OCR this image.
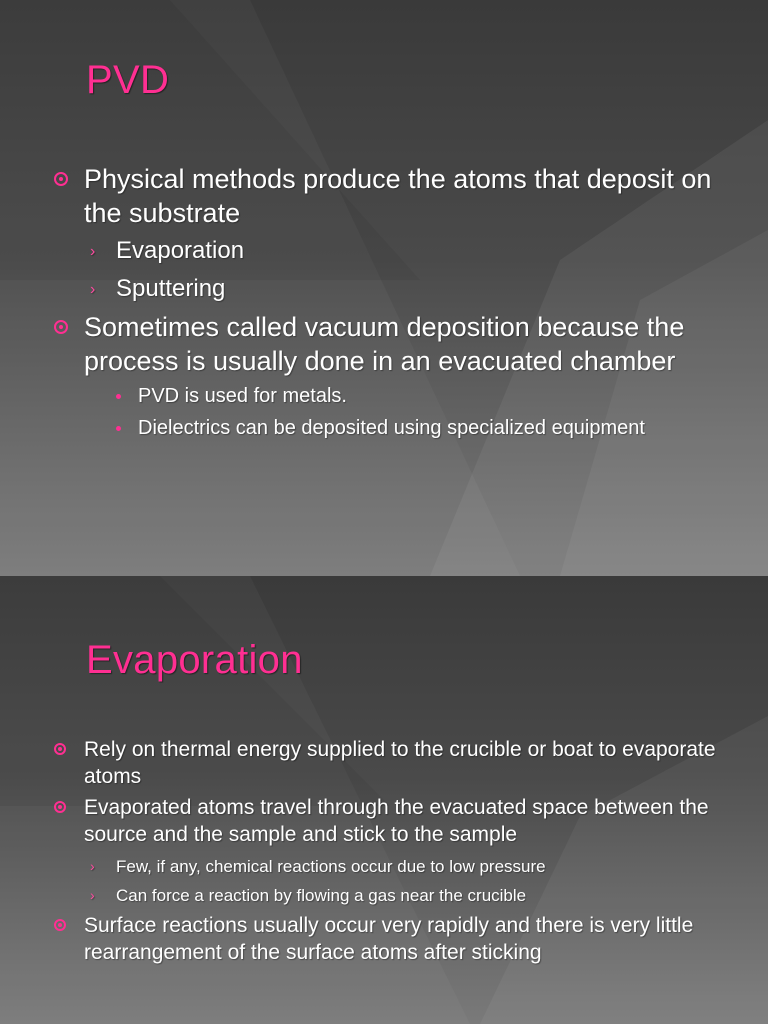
PVD
Physical methods produce the atoms that deposit on the substrate
› Evaporation
› Sputtering
Sometimes called vacuum deposition because the process is usually done in an evacuated chamber
PVD is used for metals.
Dielectrics can be deposited using specialized equipment
Evaporation
Rely on thermal energy supplied to the crucible or boat to evaporate atoms
Evaporated atoms travel through the evacuated space between the source and the sample and stick to the sample
› Few, if any, chemical reactions occur due to low pressure
› Can force a reaction by flowing a gas near the crucible
Surface reactions usually occur very rapidly and there is very little rearrangement of the surface atoms after sticking
